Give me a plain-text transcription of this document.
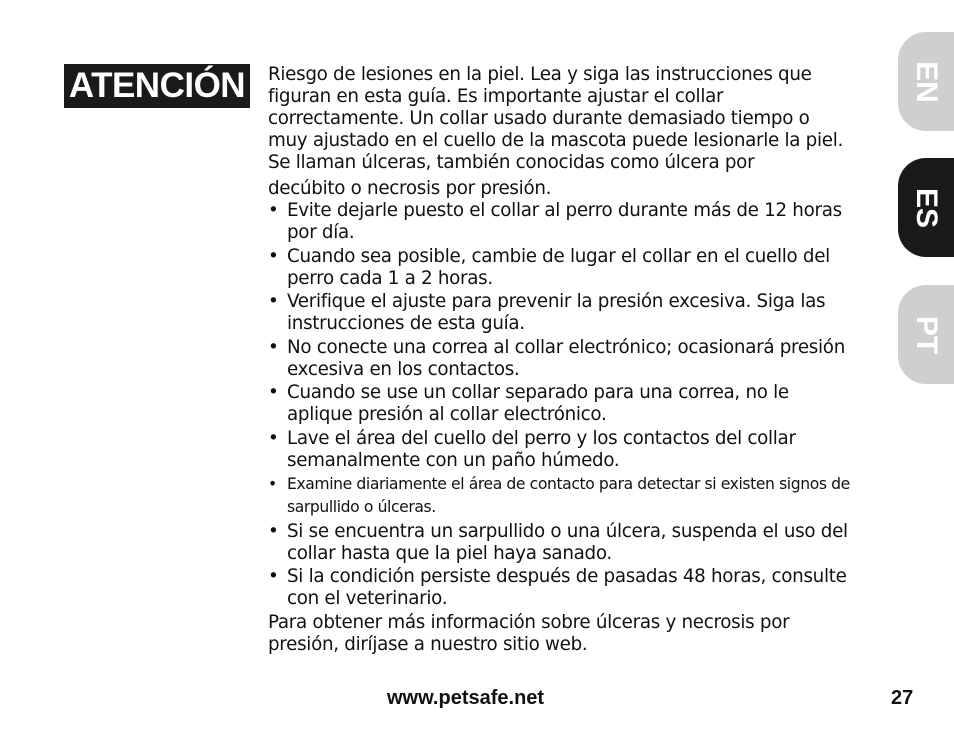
ATENCIÓN Riesgo de lesiones en la piel. Lea y siga las instrucciones que figuran en esta guía. Es importante ajustar el collar correctamente. Un collar usado durante demasiado tiempo o muy ajustado en el cuello de la mascota puede lesionarle la piel. Se llaman úlceras, también conocidas como úlcera por

decúbito o necrosis por presión.

• Evite dejarle puesto el collar al perro durante más de 12 horas por día.
• Cuando sea posible, cambie de lugar el collar en el cuello del perro cada 1 a 2 horas.
• Verifique el ajuste para prevenir la presión excesiva. Siga las instrucciones de esta guía.
• No conecte una correa al collar electrónico; ocasionará presión excesiva en los contactos.
• Cuando se use un collar separado para una correa, no le aplique presión al collar electrónico.
• Lave el área del cuello del perro y los contactos del collar semanalmente con un paño húmedo.
• Examine diariamente el área de contacto para detectar si existen signos de sarpullido o úlceras.
• Si se encuentra un sarpullido o una úlcera, suspenda el uso del collar hasta que la piel haya sanado.
• Si la condición persiste después de pasadas 48 horas, consulte con el veterinario.

Para obtener más información sobre úlceras y necrosis por presión, diríjase a nuestro sitio web.

EN
ES
PT
www.petsafe.net	27
